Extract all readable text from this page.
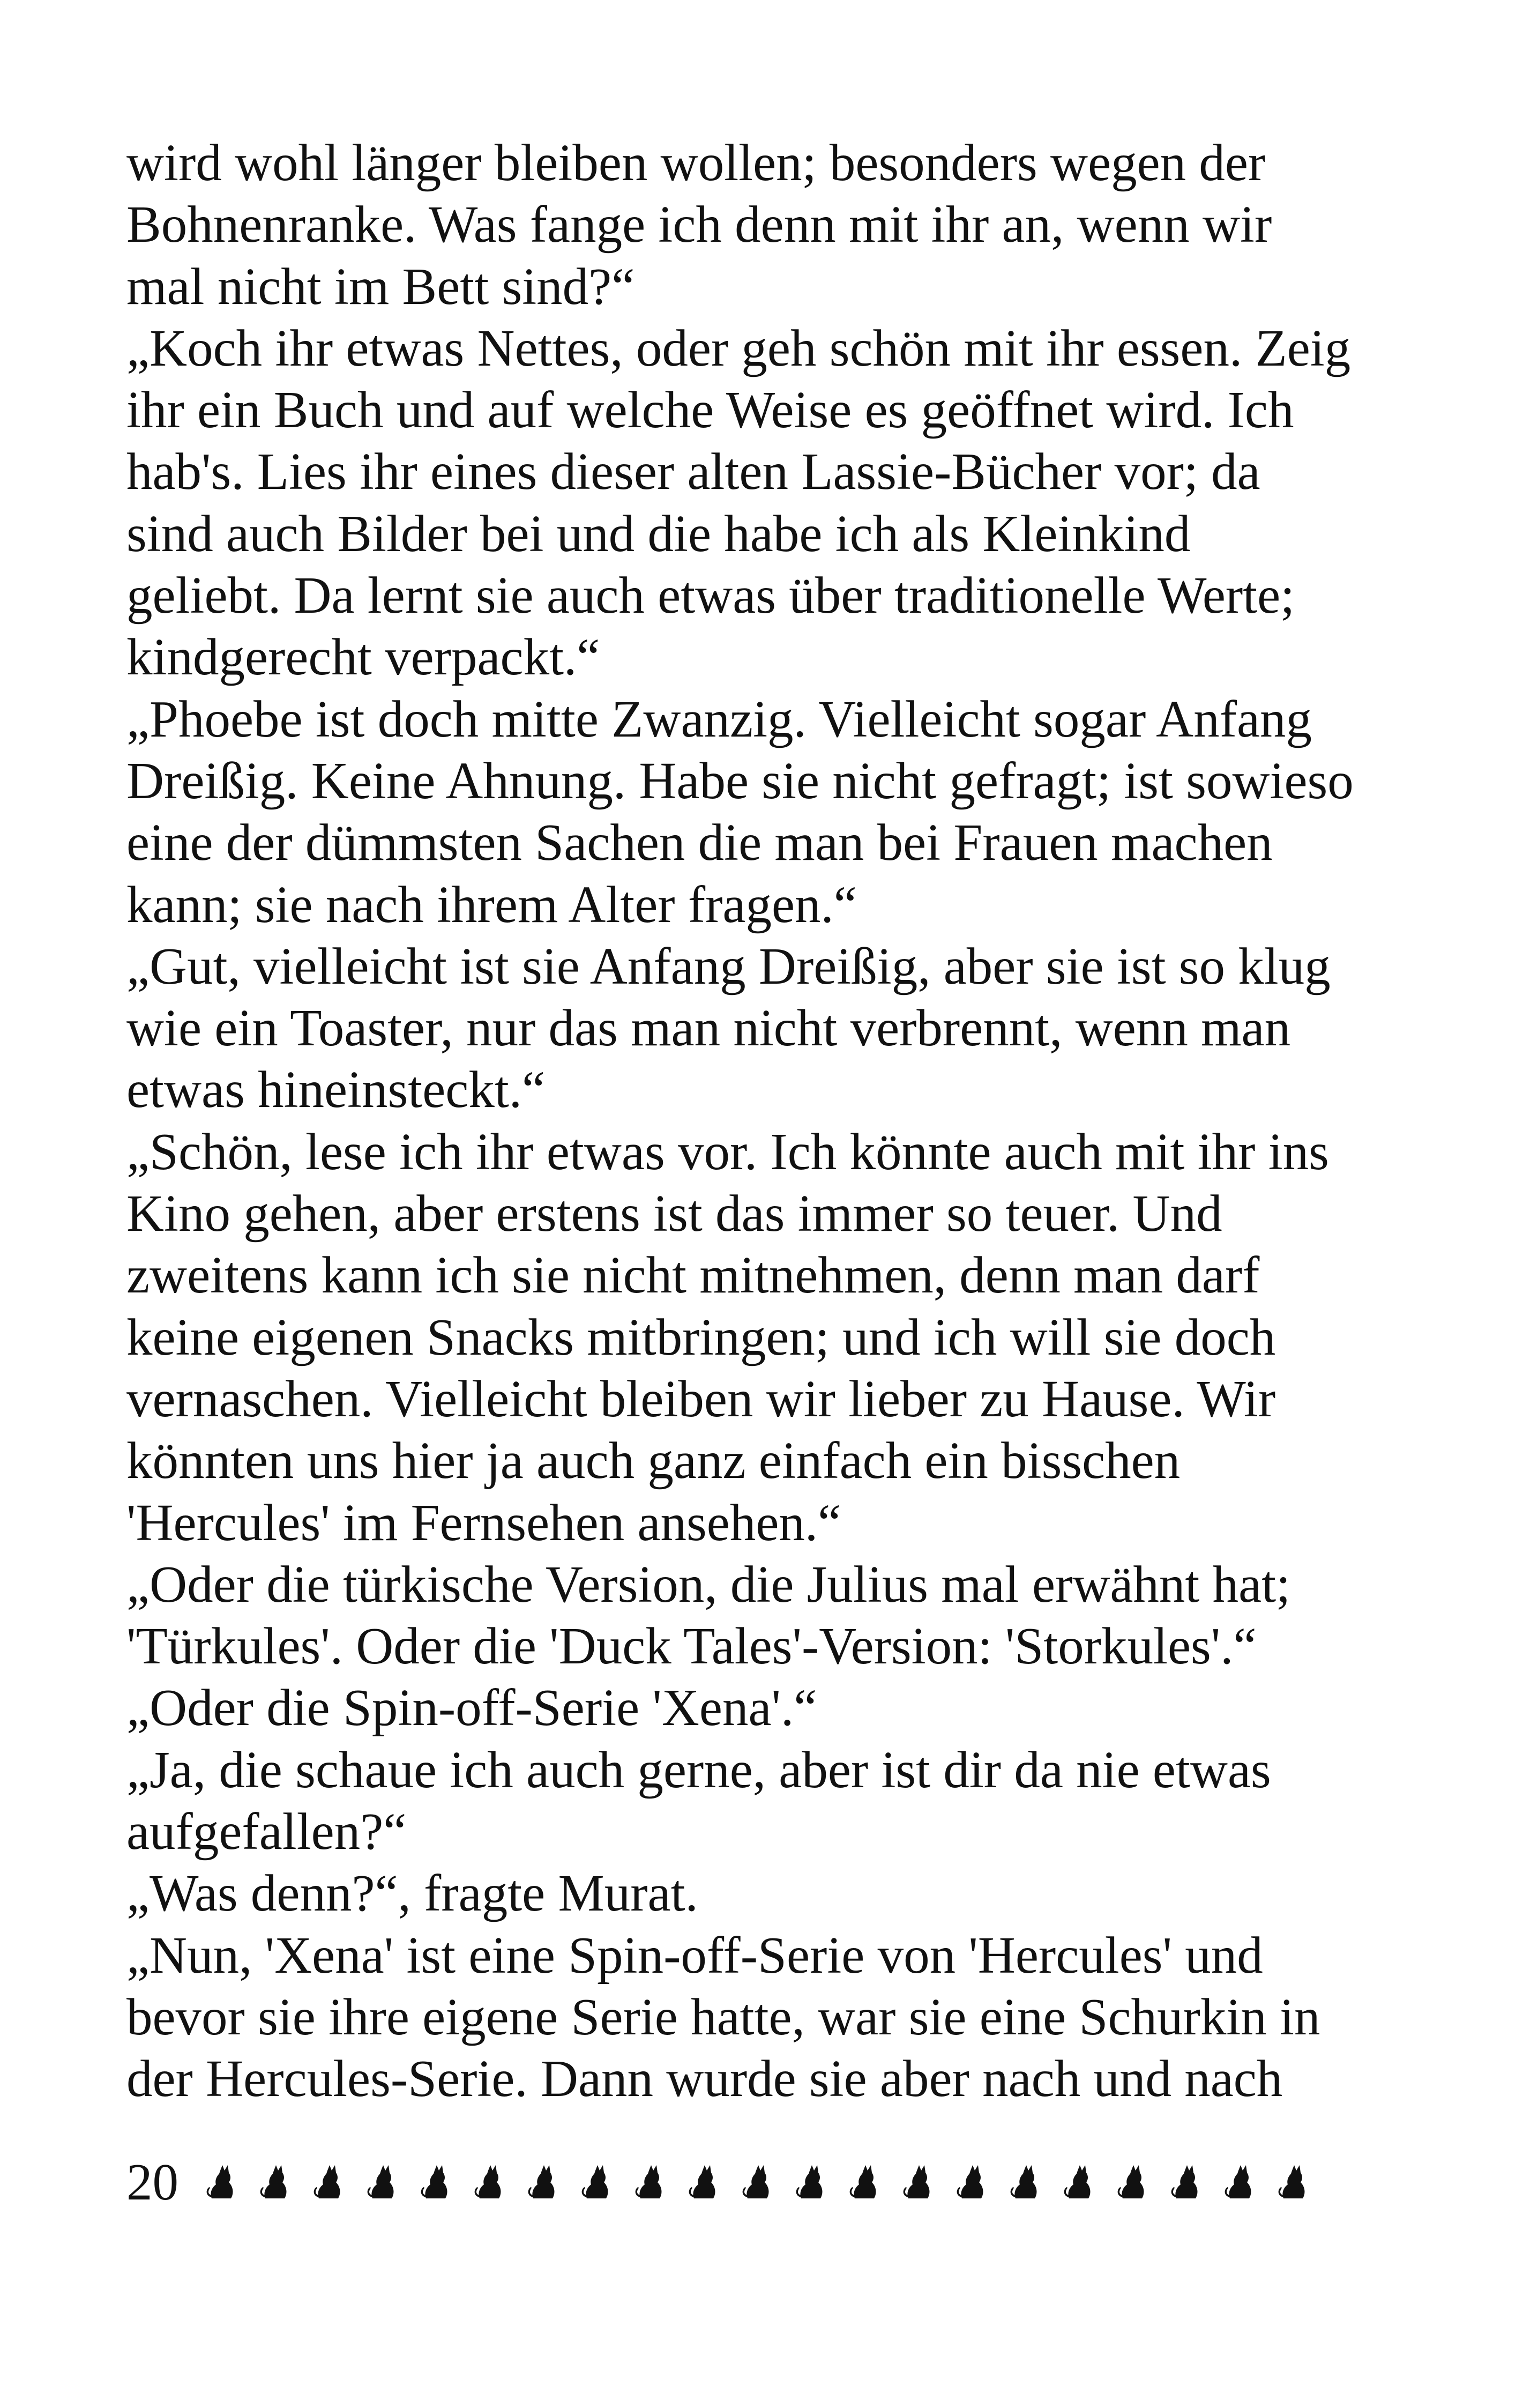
wird wohl länger bleiben wollen; besonders wegen der
Bohnenranke. Was fange ich denn mit ihr an, wenn wir
mal nicht im Bett sind?“
„Koch ihr etwas Nettes, oder geh schön mit ihr essen. Zeig
ihr ein Buch und auf welche Weise es geöffnet wird. Ich
hab's. Lies ihr eines dieser alten Lassie-Bücher vor; da
sind auch Bilder bei und die habe ich als Kleinkind
geliebt. Da lernt sie auch etwas über traditionelle Werte;
kindgerecht verpackt.“
„Phoebe ist doch mitte Zwanzig. Vielleicht sogar Anfang
Dreißig. Keine Ahnung. Habe sie nicht gefragt; ist sowieso
eine der dümmsten Sachen die man bei Frauen machen
kann; sie nach ihrem Alter fragen.“
„Gut, vielleicht ist sie Anfang Dreißig, aber sie ist so klug
wie ein Toaster, nur das man nicht verbrennt, wenn man
etwas hineinsteckt.“
„Schön, lese ich ihr etwas vor. Ich könnte auch mit ihr ins
Kino gehen, aber erstens ist das immer so teuer. Und
zweitens kann ich sie nicht mitnehmen, denn man darf
keine eigenen Snacks mitbringen; und ich will sie doch
vernaschen. Vielleicht bleiben wir lieber zu Hause. Wir
könnten uns hier ja auch ganz einfach ein bisschen
'Hercules' im Fernsehen ansehen.“
„Oder die türkische Version, die Julius mal erwähnt hat;
'Türkules'. Oder die 'Duck Tales'-Version: 'Storkules'.“
„Oder die Spin-off-Serie 'Xena'.“
„Ja, die schaue ich auch gerne, aber ist dir da nie etwas
aufgefallen?“
„Was denn?“, fragte Murat.
„Nun, 'Xena' ist eine Spin-off-Serie von 'Hercules' und
bevor sie ihre eigene Serie hatte, war sie eine Schurkin in
der Hercules-Serie. Dann wurde sie aber nach und nach
20
